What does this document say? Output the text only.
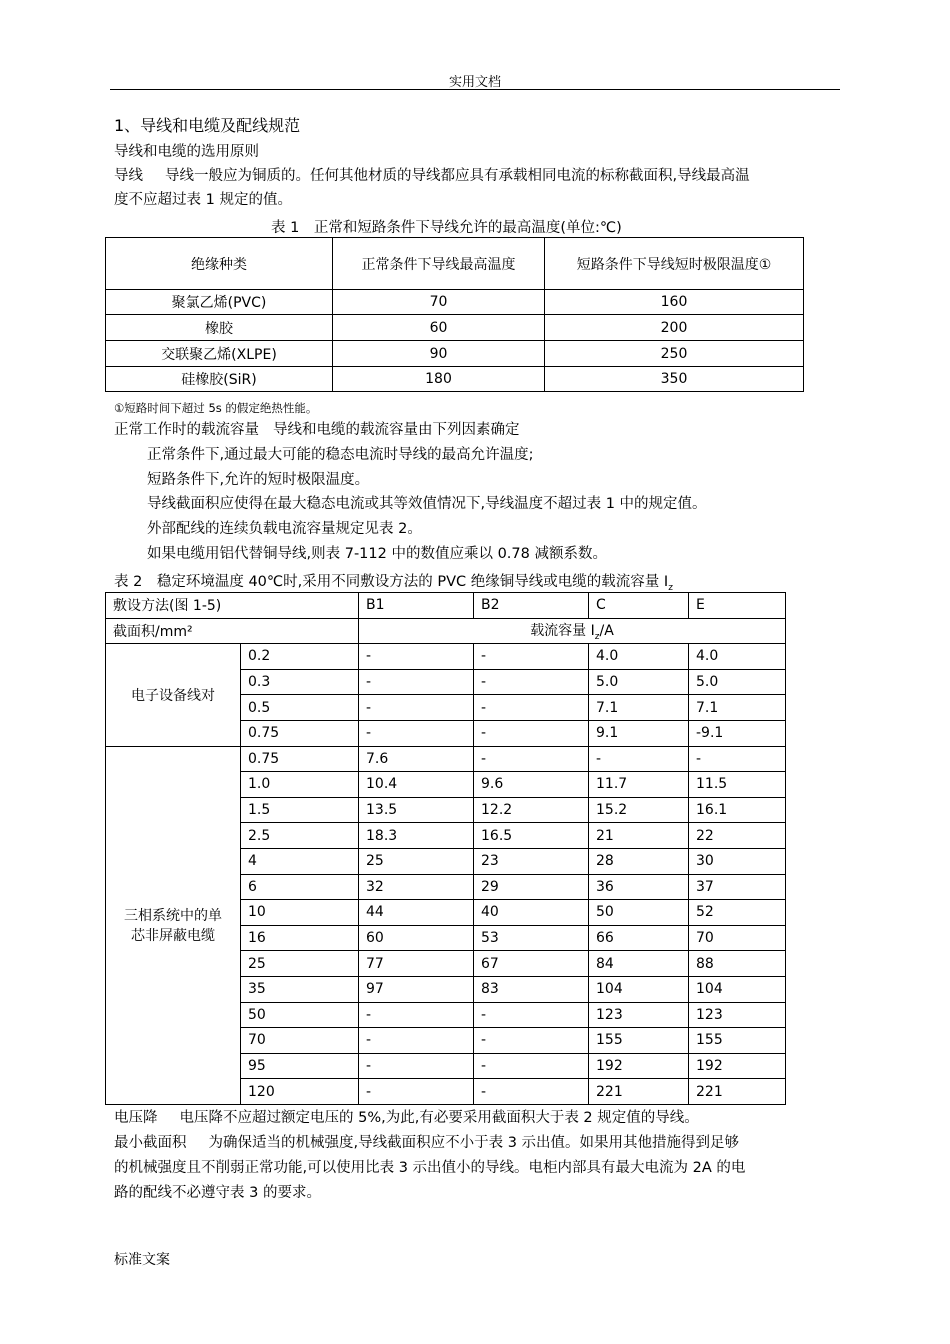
实用文档
1、导线和电缆及配线规范
导线和电缆的选用原则
导线 导线一般应为铜质的。任何其他材质的导线都应具有承载相同电流的标称截面积,导线最高温
度不应超过表 1 规定的值。
表 1　正常和短路条件下导线允许的最高温度(单位:℃)
绝缘种类	正常条件下导线最高温度	短路条件下导线短时极限温度①
聚氯乙烯(PVC)	70	160
橡胶	60	200
交联聚乙烯(XLPE)	90	250
硅橡胶(SiR)	180	350
①短路时间下超过 5s 的假定绝热性能。
正常工作时的载流容量 导线和电缆的载流容量由下列因素确定
正常条件下,通过最大可能的稳态电流时导线的最高允许温度;
短路条件下,允许的短时极限温度。
导线截面积应使得在最大稳态电流或其等效值情况下,导线温度不超过表 1 中的规定值。
外部配线的连续负载电流容量规定见表 2。
如果电缆用铝代替铜导线,则表 7-112 中的数值应乘以 0.78 减额系数。
表 2　稳定环境温度 40℃时,采用不同敷设方法的 PVC 绝缘铜导线或电缆的载流容量 $I_z$
敷设方法(图 1-5)		B1	B2	C	E
截面积/mm²		载流容量 $I_z/A$			
电子设备线对	0.2	-	-	4.0	4.0
	0.3	-	-	5.0	5.0
	0.5	-	-	7.1	7.1
	0.75	-	-	9.1	-9.1
三相系统中的单
芯非屏蔽电缆	0.75	7.6	-	-	-
	1.0	10.4	9.6	11.7	11.5
	1.5	13.5	12.2	15.2	16.1
	2.5	18.3	16.5	21	22
	4	25	23	28	30
	6	32	29	36	37
	10	44	40	50	52
	16	60	53	66	70
	25	77	67	84	88
	35	97	83	104	104
	50	-	-	123	123
	70	-	-	155	155
	95	-	-	192	192
	120	-	-	221	221
电压降 电压降不应超过额定电压的 5%,为此,有必要采用截面积大于表 2 规定值的导线。
最小截面积 为确保适当的机械强度,导线截面积应不小于表 3 示出值。如果用其他措施得到足够
的机械强度且不削弱正常功能,可以使用比表 3 示出值小的导线。电柜内部具有最大电流为 2A 的电
路的配线不必遵守表 3 的要求。
标准文案
